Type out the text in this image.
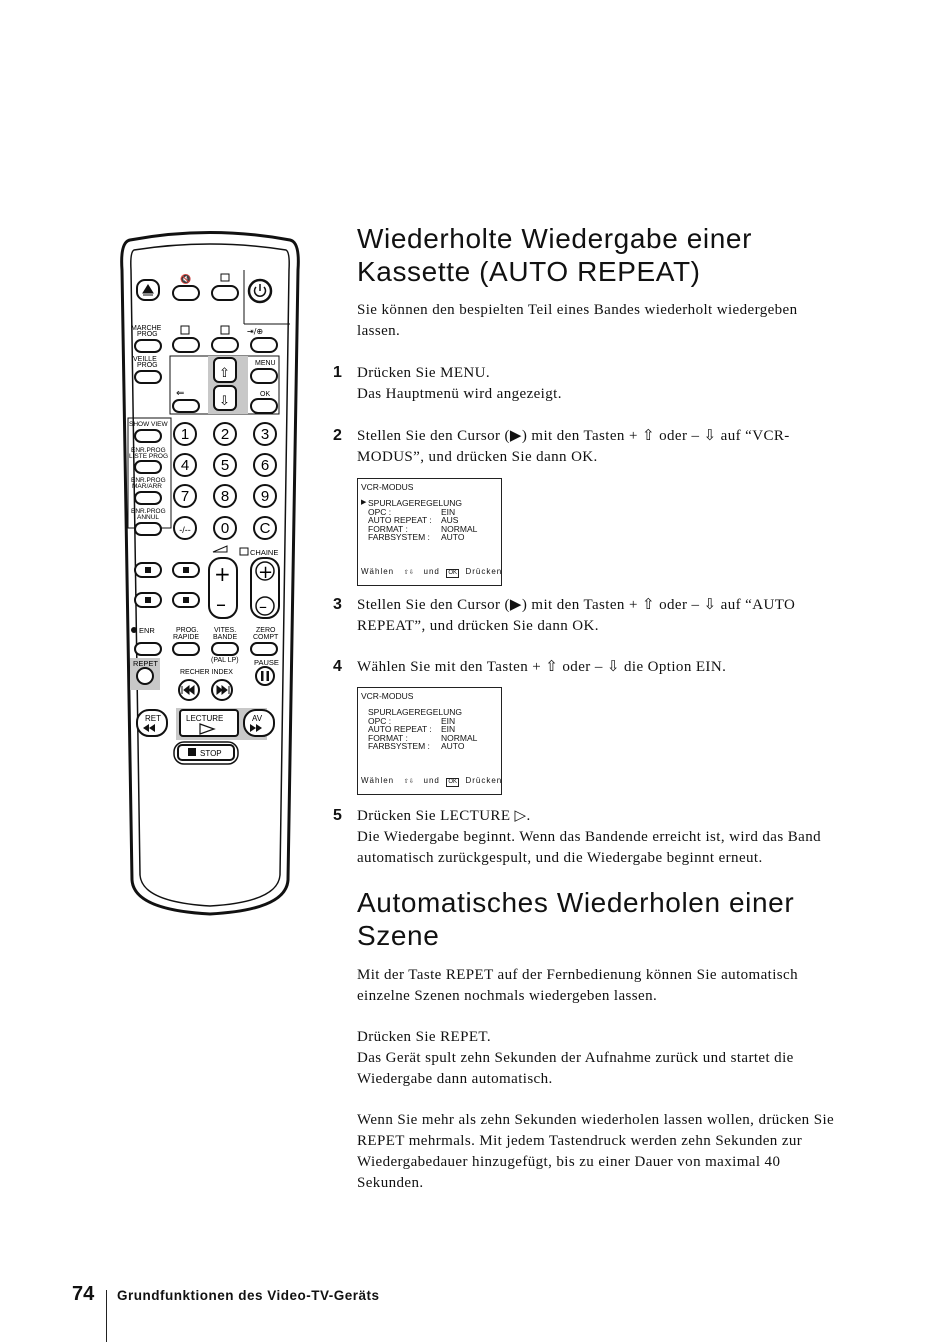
🔇
MARCHE
PROG	⇥/⊕
VEILLE
PROG
⇧
⇩
⇐
MENU
OK
SHOW VIEW
ENR.PROG
LISTE PROG
ENR.PROG
MAR/ARR
ENR.PROG
ANNUL
1 2 3
4 5 6
7 8 9
-/-- 0 C
CHAINE
+
–
+
–
ENR	PROG.
RAPIDE
VITES.
BANDE
ZERO
COMPT
(PAL LP)
REPET
RECHER INDEX
PAUSE
RET	LECTURE	AV
STOP
Wiederholte Wiedergabe einer
Kassette (AUTO REPEAT)
Sie können den bespielten Teil eines Bandes wiederholt wiedergeben
lassen.
1 Drücken Sie MENU.
Das Hauptmenü wird angezeigt.
2 Stellen Sie den Cursor (▶) mit den Tasten + ⇧ oder – ⇩ auf “VCR-
MODUS”, und drücken Sie dann OK.
VCR-MODUS
▶ SPURLAGEREGELUNG
OPC :	EIN
AUTO REPEAT : AUS
FORMAT :	NORMAL
FARBSYSTEM : AUTO
Wählen ⇧⇩ und OK Drücken
3 Stellen Sie den Cursor (▶) mit den Tasten + ⇧ oder – ⇩ auf “AUTO
REPEAT”, und drücken Sie dann OK.
4 Wählen Sie mit den Tasten + ⇧ oder – ⇩ die Option EIN.
VCR-MODUS
SPURLAGEREGELUNG
OPC :	EIN
AUTO REPEAT : EIN
FORMAT :	NORMAL
FARBSYSTEM : AUTO
Wählen ⇧⇩ und OK Drücken
5 Drücken Sie LECTURE ▷.
Die Wiedergabe beginnt. Wenn das Bandende erreicht ist, wird das Band
automatisch zurückgespult, und die Wiedergabe beginnt erneut.
Automatisches Wiederholen einer
Szene
Mit der Taste REPET auf der Fernbedienung können Sie automatisch
einzelne Szenen nochmals wiedergeben lassen.
Drücken Sie REPET.
Das Gerät spult zehn Sekunden der Aufnahme zurück und startet die
Wiedergabe dann automatisch.
Wenn Sie mehr als zehn Sekunden wiederholen lassen wollen, drücken Sie
REPET mehrmals. Mit jedem Tastendruck werden zehn Sekunden zur
Wiedergabedauer hinzugefügt, bis zu einer Dauer von maximal 40
Sekunden.
74 Grundfunktionen des Video-TV-Geräts
